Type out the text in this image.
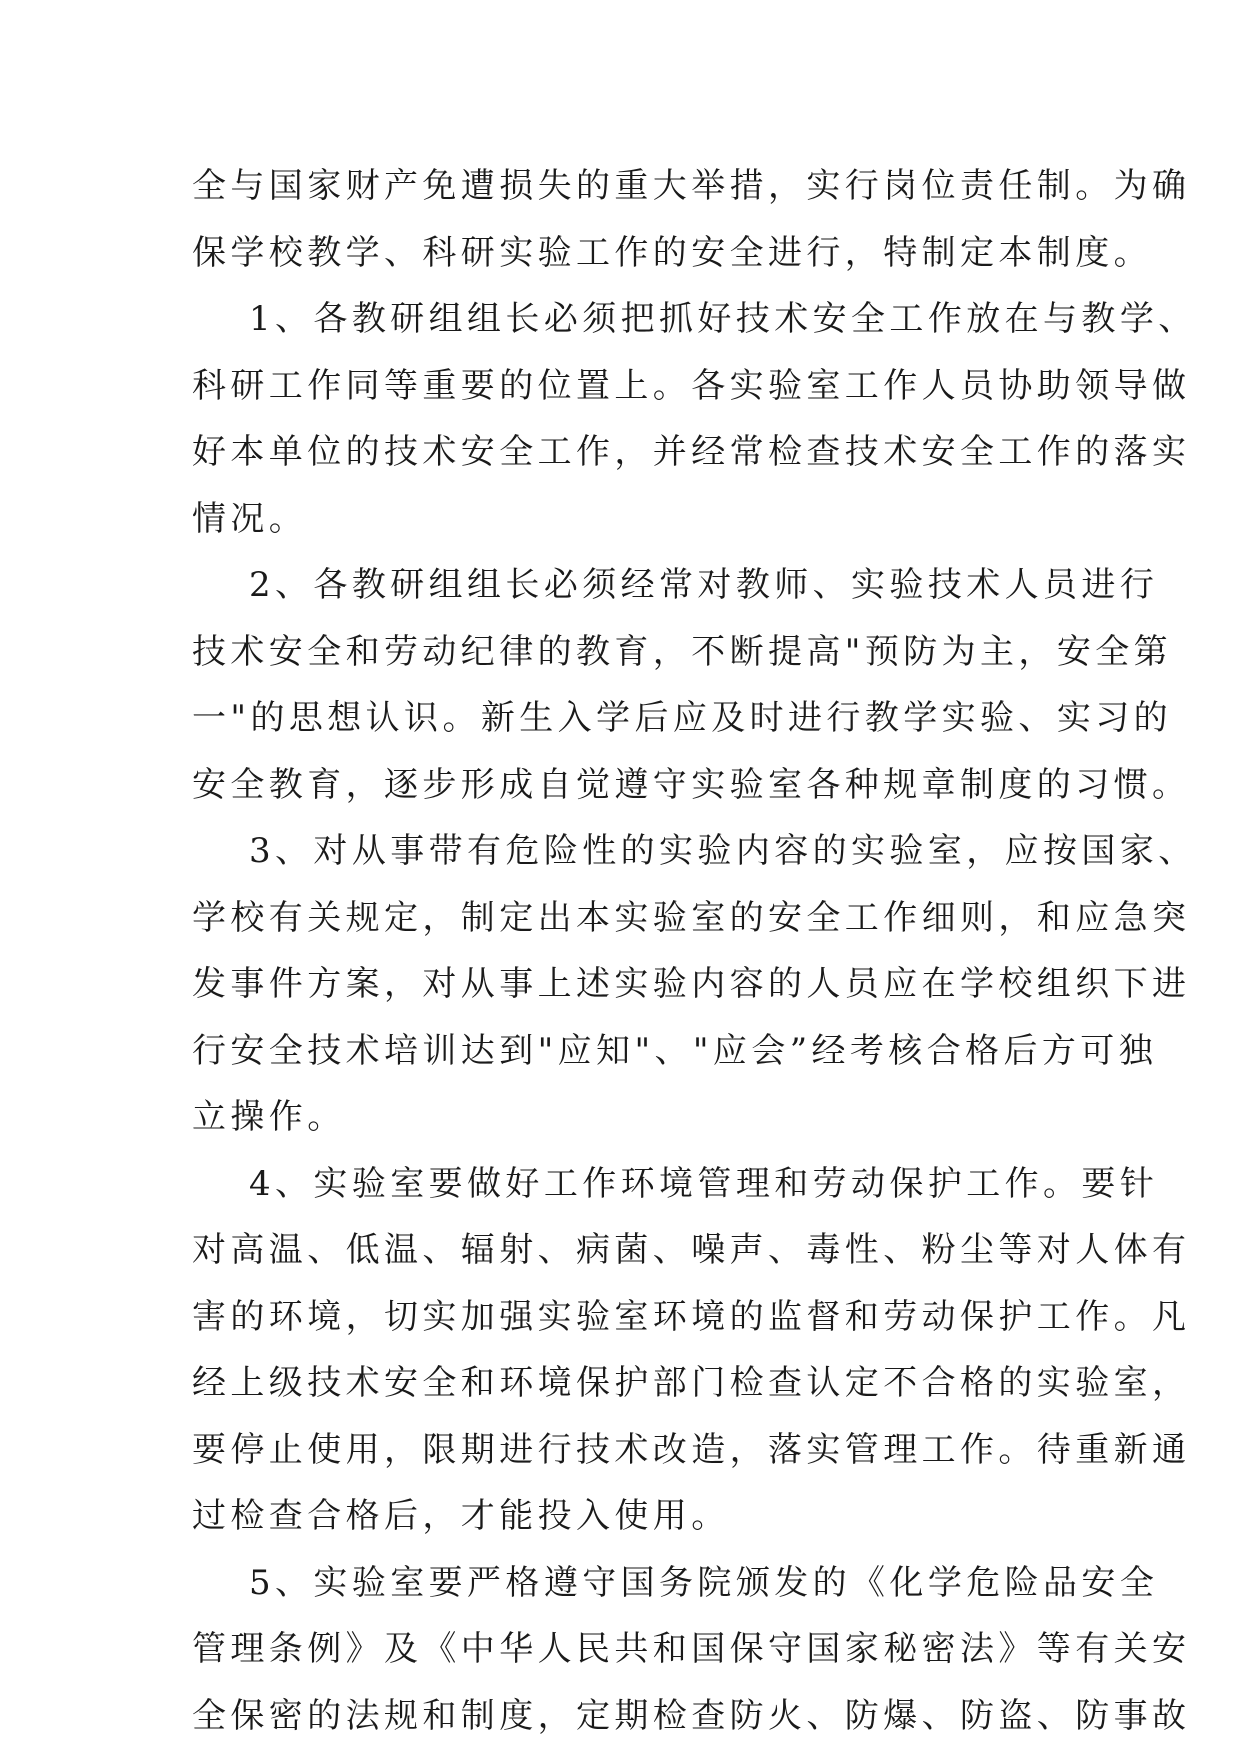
全与国家财产免遭损失的重大举措，实行岗位责任制。为确
保学校教学、科研实验工作的安全进行，特制定本制度。
1、各教研组组长必须把抓好技术安全工作放在与教学、
科研工作同等重要的位置上。各实验室工作人员协助领导做
好本单位的技术安全工作，并经常检查技术安全工作的落实
情况。
2、各教研组组长必须经常对教师、实验技术人员进行
技术安全和劳动纪律的教育，不断提高"预防为主，安全第
一"的思想认识。新生入学后应及时进行教学实验、实习的
安全教育，逐步形成自觉遵守实验室各种规章制度的习惯。
3、对从事带有危险性的实验内容的实验室，应按国家、
学校有关规定，制定出本实验室的安全工作细则，和应急突
发事件方案，对从事上述实验内容的人员应在学校组织下进
行安全技术培训达到"应知"、"应会”经考核合格后方可独
立操作。
4、实验室要做好工作环境管理和劳动保护工作。要针
对高温、低温、辐射、病菌、噪声、毒性、粉尘等对人体有
害的环境，切实加强实验室环境的监督和劳动保护工作。凡
经上级技术安全和环境保护部门检查认定不合格的实验室，
要停止使用，限期进行技术改造，落实管理工作。待重新通
过检查合格后，才能投入使用。
5、实验室要严格遵守国务院颁发的《化学危险品安全
管理条例》及《中华人民共和国保守国家秘密法》等有关安
全保密的法规和制度，定期检查防火、防爆、防盗、防事故
